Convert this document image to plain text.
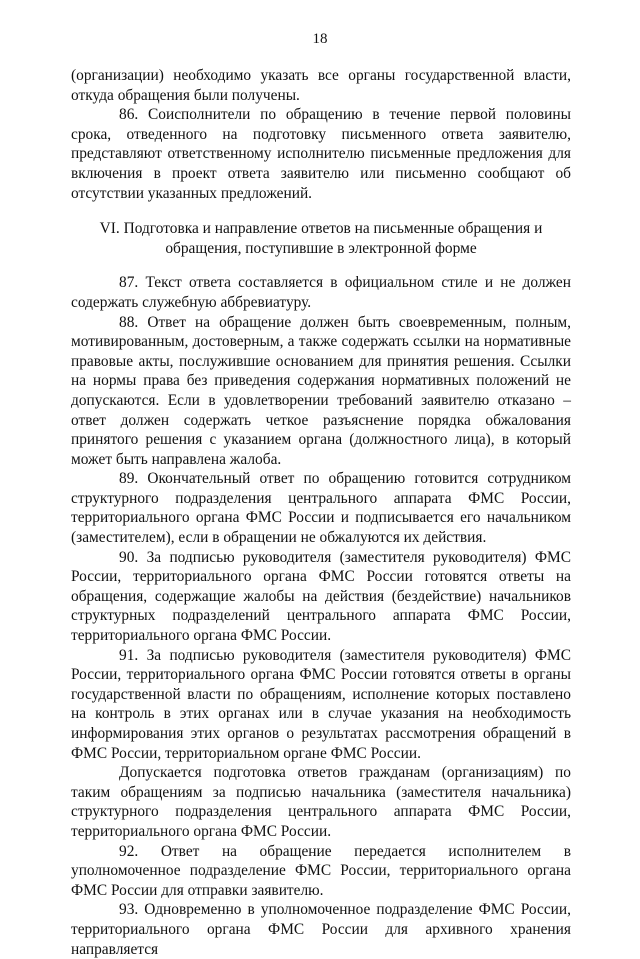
18

(организации) необходимо указать все органы государственной власти, откуда обращения были получены.

86. Соисполнители по обращению в течение первой половины срока, отведенного на подготовку письменного ответа заявителю, представляют ответственному исполнителю письменные предложения для включения в проект ответа заявителю или письменно сообщают об отсутствии указанных предложений.

VI. Подготовка и направление ответов на письменные обращения и обращения, поступившие в электронной форме

87. Текст ответа составляется в официальном стиле и не должен содержать служебную аббревиатуру.

88. Ответ на обращение должен быть своевременным, полным, мотивированным, достоверным, а также содержать ссылки на нормативные правовые акты, послужившие основанием для принятия решения. Ссылки на нормы права без приведения содержания нормативных положений не допускаются. Если в удовлетворении требований заявителю отказано – ответ должен содержать четкое разъяснение порядка обжалования принятого решения с указанием органа (должностного лица), в который может быть направлена жалоба.

89. Окончательный ответ по обращению готовится сотрудником структурного подразделения центрального аппарата ФМС России, территориального органа ФМС России и подписывается его начальником (заместителем), если в обращении не обжалуются их действия.

90. За подписью руководителя (заместителя руководителя) ФМС России, территориального органа ФМС России готовятся ответы на обращения, содержащие жалобы на действия (бездействие) начальников структурных подразделений центрального аппарата ФМС России, территориального органа ФМС России.

91. За подписью руководителя (заместителя руководителя) ФМС России, территориального органа ФМС России готовятся ответы в органы государственной власти по обращениям, исполнение которых поставлено на контроль в этих органах или в случае указания на необходимость информирования этих органов о результатах рассмотрения обращений в ФМС России, территориальном органе ФМС России.

Допускается подготовка ответов гражданам (организациям) по таким обращениям за подписью начальника (заместителя начальника) структурного подразделения центрального аппарата ФМС России, территориального органа ФМС России.

92. Ответ на обращение передается исполнителем в уполномоченное подразделение ФМС России, территориального органа ФМС России для отправки заявителю.

93. Одновременно в уполномоченное подразделение ФМС России, территориального органа ФМС России для архивного хранения направляется
